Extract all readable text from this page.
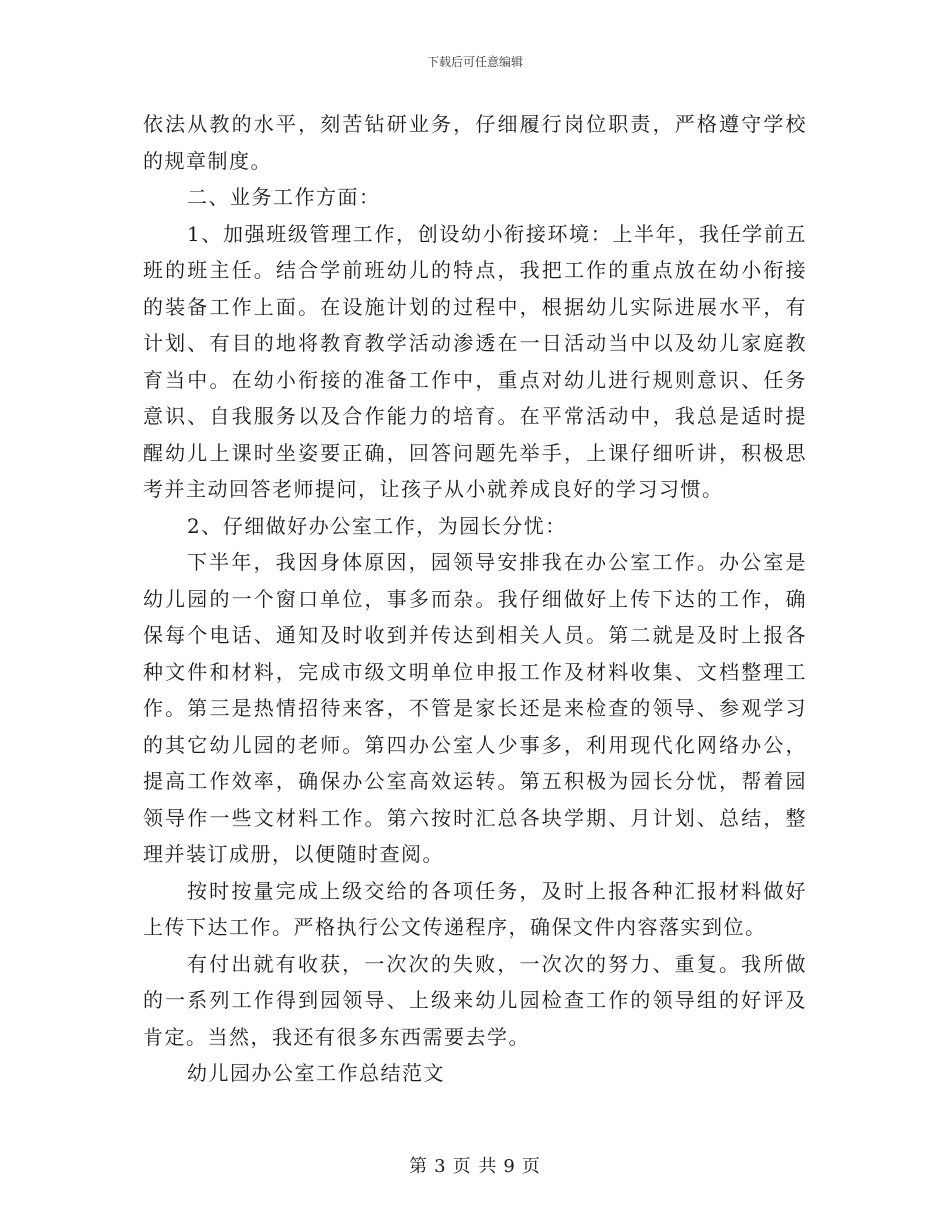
下载后可任意编辑

依法从教的水平，刻苦钻研业务，仔细履行岗位职责，严格遵守学校的规章制度。

二、业务工作方面：

1、加强班级管理工作，创设幼小衔接环境：上半年，我任学前五班的班主任。结合学前班幼儿的特点，我把工作的重点放在幼小衔接的装备工作上面。在设施计划的过程中，根据幼儿实际进展水平，有计划、有目的地将教育教学活动渗透在一日活动当中以及幼儿家庭教育当中。在幼小衔接的准备工作中，重点对幼儿进行规则意识、任务意识、自我服务以及合作能力的培育。在平常活动中，我总是适时提醒幼儿上课时坐姿要正确，回答问题先举手，上课仔细听讲，积极思考并主动回答老师提问，让孩子从小就养成良好的学习习惯。

2、仔细做好办公室工作，为园长分忧：

下半年，我因身体原因，园领导安排我在办公室工作。办公室是幼儿园的一个窗口单位，事多而杂。我仔细做好上传下达的工作，确保每个电话、通知及时收到并传达到相关人员。第二就是及时上报各种文件和材料，完成市级文明单位申报工作及材料收集、文档整理工作。第三是热情招待来客，不管是家长还是来检查的领导、参观学习的其它幼儿园的老师。第四办公室人少事多，利用现代化网络办公，提高工作效率，确保办公室高效运转。第五积极为园长分忧，帮着园领导作一些文材料工作。第六按时汇总各块学期、月计划、总结，整理并装订成册，以便随时查阅。

按时按量完成上级交给的各项任务，及时上报各种汇报材料做好上传下达工作。严格执行公文传递程序，确保文件内容落实到位。

有付出就有收获，一次次的失败，一次次的努力、重复。我所做的一系列工作得到园领导、上级来幼儿园检查工作的领导组的好评及肯定。当然，我还有很多东西需要去学。

幼儿园办公室工作总结范文

第 3 页 共 9 页
